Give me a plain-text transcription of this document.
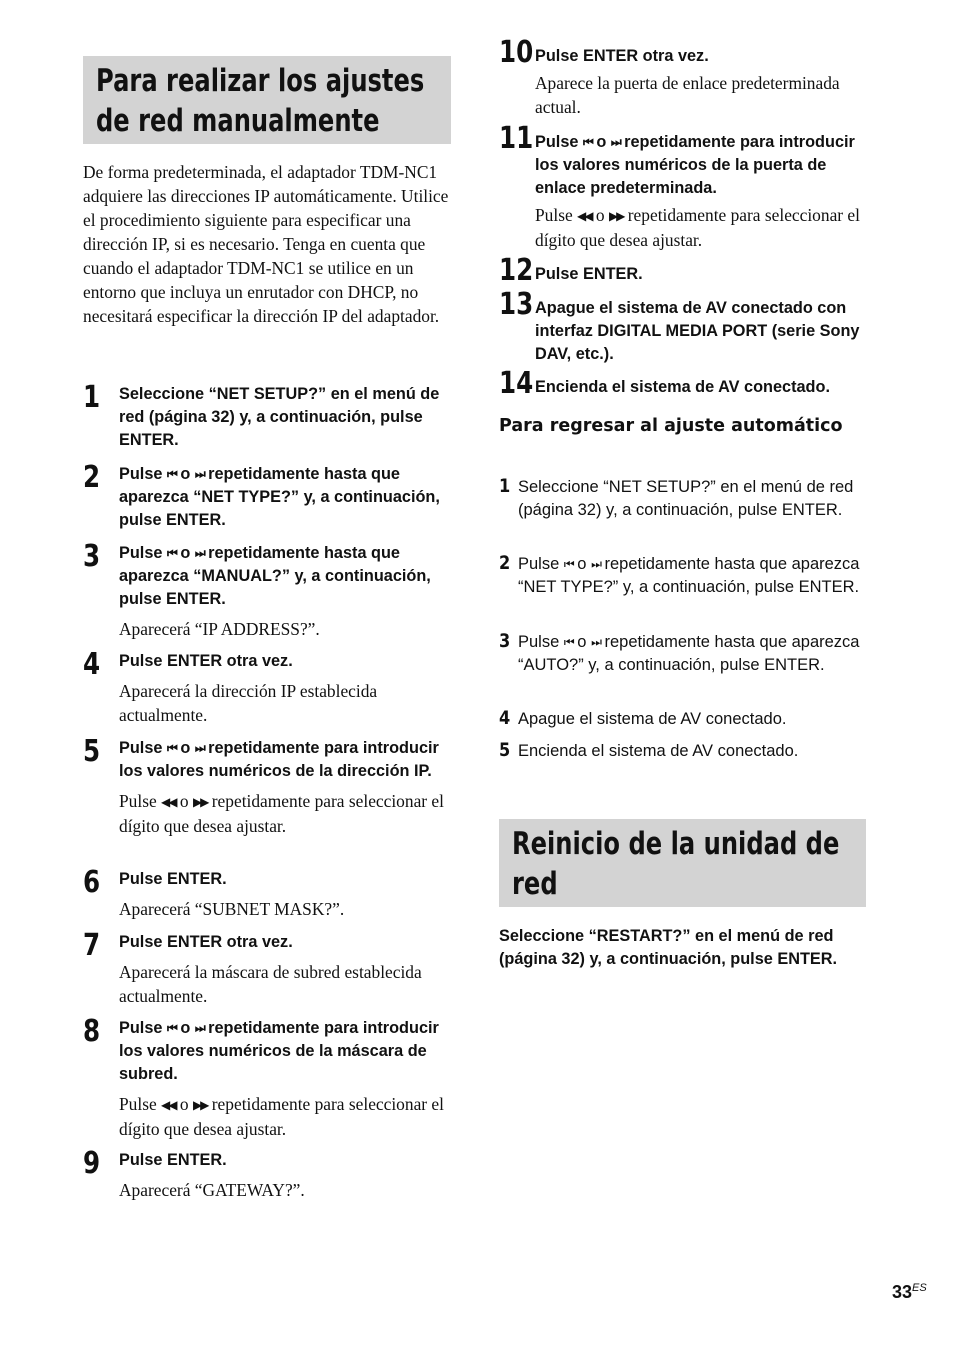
Para realizar los ajustes
de red manualmente
De forma predeterminada, el adaptador TDM-NC1 adquiere las direcciones IP automáticamente. Utilice el procedimiento siguiente para especificar una dirección IP, si es necesario. Tenga en cuenta que cuando el adaptador TDM-NC1 se utilice en un entorno que incluya un enrutador con DHCP, no necesitará especificar la dirección IP del adaptador.
1 Seleccione “NET SETUP?” en el menú de red (página 32) y, a continuación, pulse ENTER.
2 Pulse ⏮ o ⏭ repetidamente hasta que aparezca “NET TYPE?” y, a continuación, pulse ENTER.
3 Pulse ⏮ o ⏭ repetidamente hasta que aparezca “MANUAL?” y, a continuación, pulse ENTER.
Aparecerá “IP ADDRESS?”.
4 Pulse ENTER otra vez.
Aparecerá la dirección IP establecida actualmente.
5 Pulse ⏮ o ⏭ repetidamente para introducir los valores numéricos de la dirección IP.
Pulse ◀◀ o ▶▶ repetidamente para seleccionar el dígito que desea ajustar.
6 Pulse ENTER.
Aparecerá “SUBNET MASK?”.
7 Pulse ENTER otra vez.
Aparecerá la máscara de subred establecida actualmente.
8 Pulse ⏮ o ⏭ repetidamente para introducir los valores numéricos de la máscara de subred.
Pulse ◀◀ o ▶▶ repetidamente para seleccionar el dígito que desea ajustar.
9 Pulse ENTER.
Aparecerá “GATEWAY?”.
10 Pulse ENTER otra vez.
Aparece la puerta de enlace predeterminada actual.
11 Pulse ⏮ o ⏭ repetidamente para introducir los valores numéricos de la puerta de enlace predeterminada.
Pulse ◀◀ o ▶▶ repetidamente para seleccionar el dígito que desea ajustar.
12 Pulse ENTER.
13 Apague el sistema de AV conectado con interfaz DIGITAL MEDIA PORT (serie Sony DAV, etc.).
14 Encienda el sistema de AV conectado.
Para regresar al ajuste automático
1 Seleccione “NET SETUP?” en el menú de red (página 32) y, a continuación, pulse ENTER.
2 Pulse ⏮ o ⏭ repetidamente hasta que aparezca “NET TYPE?” y, a continuación, pulse ENTER.
3 Pulse ⏮ o ⏭ repetidamente hasta que aparezca “AUTO?” y, a continuación, pulse ENTER.
4 Apague el sistema de AV conectado.
5 Encienda el sistema de AV conectado.
Reinicio de la unidad de
red
Seleccione “RESTART?” en el menú de red (página 32) y, a continuación, pulse ENTER.
$33^{ES}$
